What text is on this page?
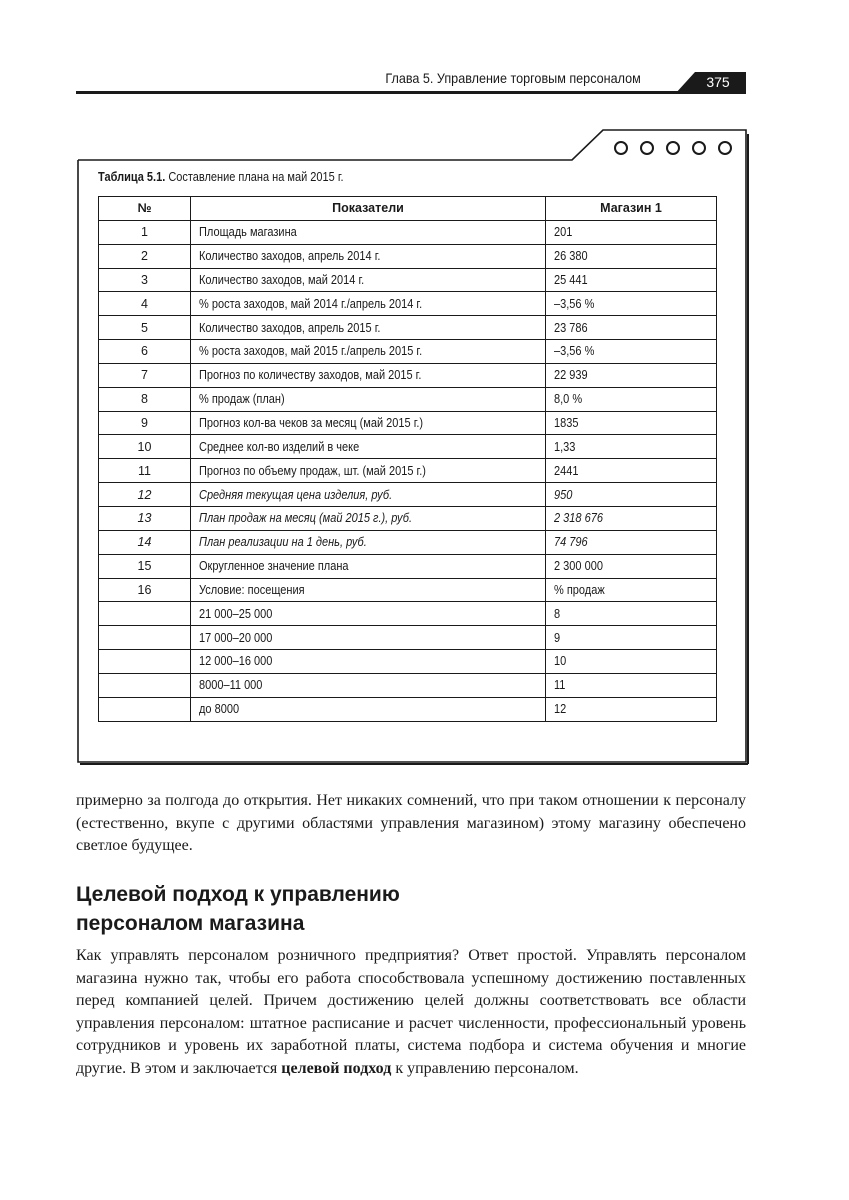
Глава 5. Управление торговым персоналом	375
Таблица 5.1. Составление плана на май 2015 г.
№	Показатели	Магазин 1
1	Площадь магазина	201
2	Количество заходов, апрель 2014 г.	26 380
3	Количество заходов, май 2014 г.	25 441
4	% роста заходов, май 2014 г./апрель 2014 г.	–3,56 %
5	Количество заходов, апрель 2015 г.	23 786
6	% роста заходов, май 2015 г./апрель 2015 г.	–3,56 %
7	Прогноз по количеству заходов, май 2015 г.	22 939
8	% продаж (план)	8,0 %
9	Прогноз кол-ва чеков за месяц (май 2015 г.)	1835
10	Среднее кол-во изделий в чеке	1,33
11	Прогноз по объему продаж, шт. (май 2015 г.)	2441
12	Средняя текущая цена изделия, руб.	950
13	План продаж на месяц (май 2015 г.), руб.	2 318 676
14	План реализации на 1 день, руб.	74 796
15	Округленное значение плана	2 300 000
16	Условие: посещения	% продаж
	21 000–25 000	8
	17 000–20 000	9
	12 000–16 000	10
	8000–11 000	11
	до 8000	12
примерно за полгода до открытия. Нет никаких сомнений, что при таком отношении к персоналу (естественно, вкупе с другими областями управления магазином) этому магазину обеспечено светлое будущее.
Целевой подход к управлению
персоналом магазина
Как управлять персоналом розничного предприятия? Ответ простой. Управлять персоналом магазина нужно так, чтобы его работа способствовала успешному достижению поставленных перед компанией целей. Причем достижению целей должны соответствовать все области управления персоналом: штатное расписание и расчет численности, профессиональный уровень сотрудников и уровень их заработной платы, система подбора и система обучения и многие другие. В этом и заключается целевой подход к управлению персоналом.
